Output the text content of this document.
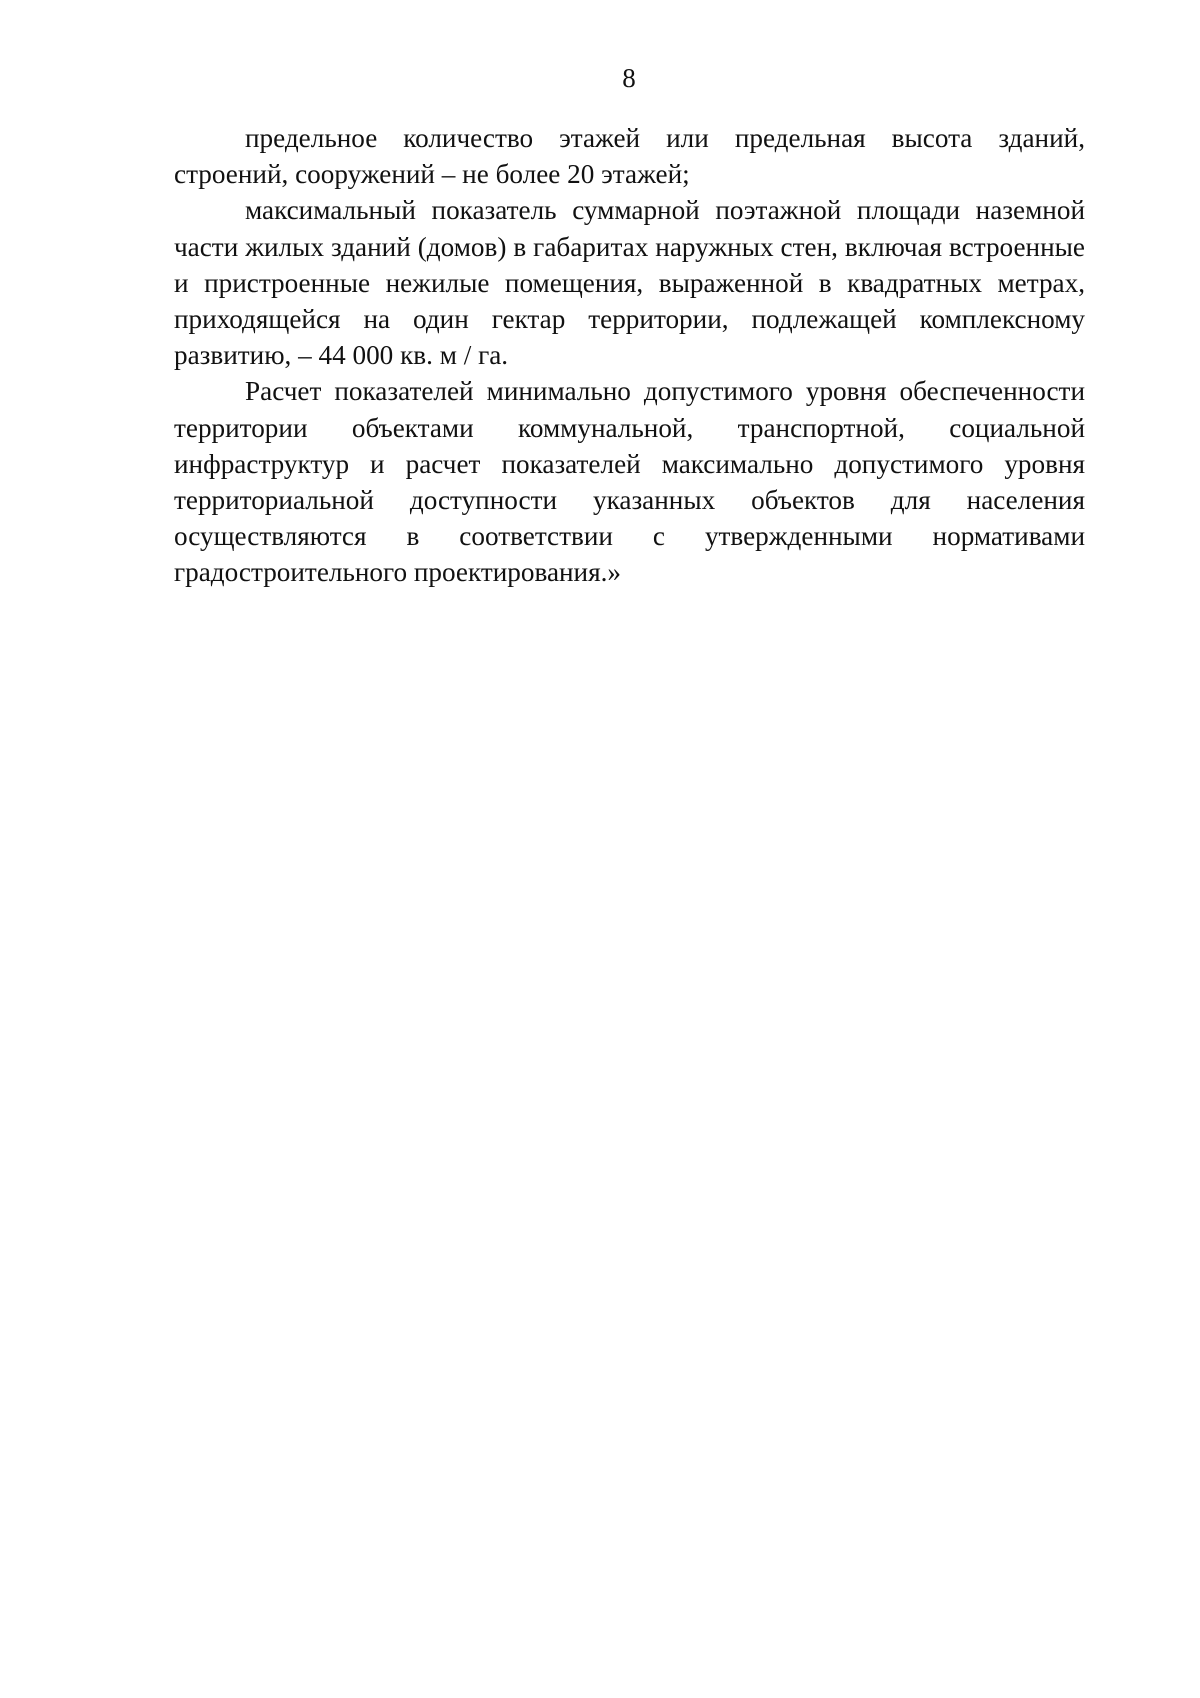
8

предельное количество этажей или предельная высота зданий, строений, сооружений – не более 20 этажей;

максимальный показатель суммарной поэтажной площади наземной части жилых зданий (домов) в габаритах наружных стен, включая встроенные и пристроенные нежилые помещения, выраженной в квадратных метрах, приходящейся на один гектар территории, подлежащей комплексному развитию, – 44 000 кв. м / га.

Расчет показателей минимально допустимого уровня обеспеченности территории объектами коммунальной, транспортной, социальной инфраструктур и расчет показателей максимально допустимого уровня территориальной доступности указанных объектов для населения осуществляются в соответствии с утвержденными нормативами градостроительного проектирования.»
